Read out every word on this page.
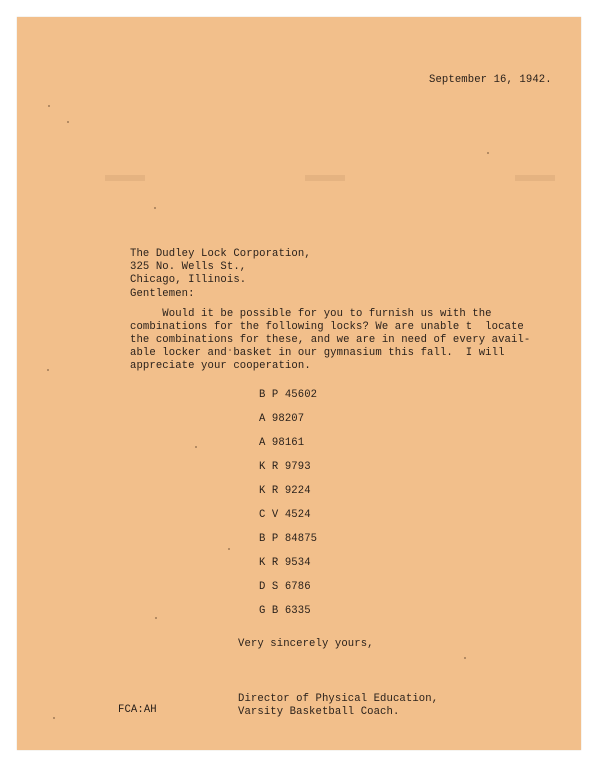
September 16, 1942.
The Dudley Lock Corporation,
325 No. Wells St.,
Chicago, Illinois.
Gentlemen:
Would it be possible for you to furnish us with the
combinations for the following locks? We are unable t  locate
the combinations for these, and we are in need of every avail-
able locker and basket in our gymnasium this fall.  I will
appreciate your cooperation.
B P 45602
A 98207
A 98161
K R 9793
K R 9224
C V 4524
B P 84875
K R 9534
D S 6786
G B 6335
Very sincerely yours,
Director of Physical Education,
Varsity Basketball Coach.
FCA:AH
